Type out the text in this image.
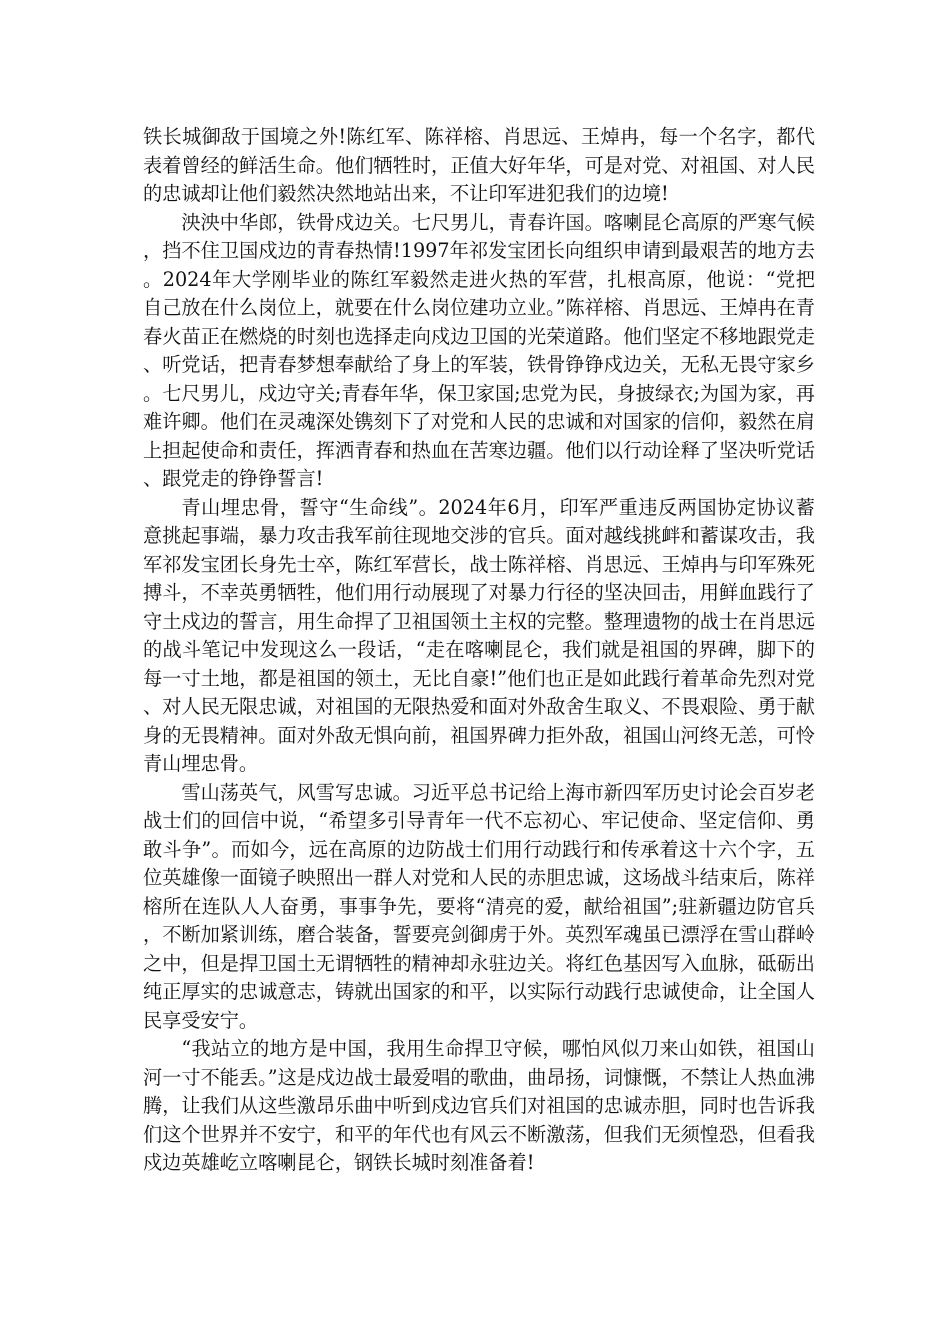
铁长城御敌于国境之外!陈红军、陈祥榕、肖思远、王焯冉，每一个名字，都代表着曾经的鲜活生命。他们牺牲时，正值大好年华，可是对党、对祖国、对人民的忠诚却让他们毅然决然地站出来，不让印军进犯我们的边境!

泱泱中华郎，铁骨戍边关。七尺男儿，青春许国。喀喇昆仑高原的严寒气候，挡不住卫国戍边的青春热情!1997年祁发宝团长向组织申请到最艰苦的地方去。2024年大学刚毕业的陈红军毅然走进火热的军营，扎根高原，他说：“党把自己放在什么岗位上，就要在什么岗位建功立业。”陈祥榕、肖思远、王焯冉在青春火苗正在燃烧的时刻也选择走向戍边卫国的光荣道路。他们坚定不移地跟党走、听党话，把青春梦想奉献给了身上的军装，铁骨铮铮戍边关，无私无畏守家乡。七尺男儿，戍边守关;青春年华，保卫家国;忠党为民，身披绿衣;为国为家，再难许卿。他们在灵魂深处镌刻下了对党和人民的忠诚和对国家的信仰，毅然在肩上担起使命和责任，挥洒青春和热血在苦寒边疆。他们以行动诠释了坚决听党话、跟党走的铮铮誓言!

青山埋忠骨，誓守“生命线”。2024年6月，印军严重违反两国协定协议蓄意挑起事端，暴力攻击我军前往现地交涉的官兵。面对越线挑衅和蓄谋攻击，我军祁发宝团长身先士卒，陈红军营长，战士陈祥榕、肖思远、王焯冉与印军殊死搏斗，不幸英勇牺牲，他们用行动展现了对暴力行径的坚决回击，用鲜血践行了守土戍边的誓言，用生命捍了卫祖国领土主权的完整。整理遗物的战士在肖思远的战斗笔记中发现这么一段话，“走在喀喇昆仑，我们就是祖国的界碑，脚下的每一寸土地，都是祖国的领土，无比自豪!”他们也正是如此践行着革命先烈对党、对人民无限忠诚，对祖国的无限热爱和面对外敌舍生取义、不畏艰险、勇于献身的无畏精神。面对外敌无惧向前，祖国界碑力拒外敌，祖国山河终无恙，可怜青山埋忠骨。

雪山荡英气，风雪写忠诚。习近平总书记给上海市新四军历史讨论会百岁老战士们的回信中说，“希望多引导青年一代不忘初心、牢记使命、坚定信仰、勇敢斗争”。而如今，远在高原的边防战士们用行动践行和传承着这十六个字，五位英雄像一面镜子映照出一群人对党和人民的赤胆忠诚，这场战斗结束后，陈祥榕所在连队人人奋勇，事事争先，要将“清亮的爱，献给祖国”;驻新疆边防官兵，不断加紧训练，磨合装备，誓要亮剑御虏于外。英烈军魂虽已漂浮在雪山群岭之中，但是捍卫国土无谓牺牲的精神却永驻边关。将红色基因写入血脉，砥砺出纯正厚实的忠诚意志，铸就出国家的和平，以实际行动践行忠诚使命，让全国人民享受安宁。

“我站立的地方是中国，我用生命捍卫守候，哪怕风似刀来山如铁，祖国山河一寸不能丢。”这是戍边战士最爱唱的歌曲，曲昂扬，词慷慨，不禁让人热血沸腾，让我们从这些激昂乐曲中听到戍边官兵们对祖国的忠诚赤胆，同时也告诉我们这个世界并不安宁，和平的年代也有风云不断激荡，但我们无须惶恐，但看我戍边英雄屹立喀喇昆仑，钢铁长城时刻准备着!
